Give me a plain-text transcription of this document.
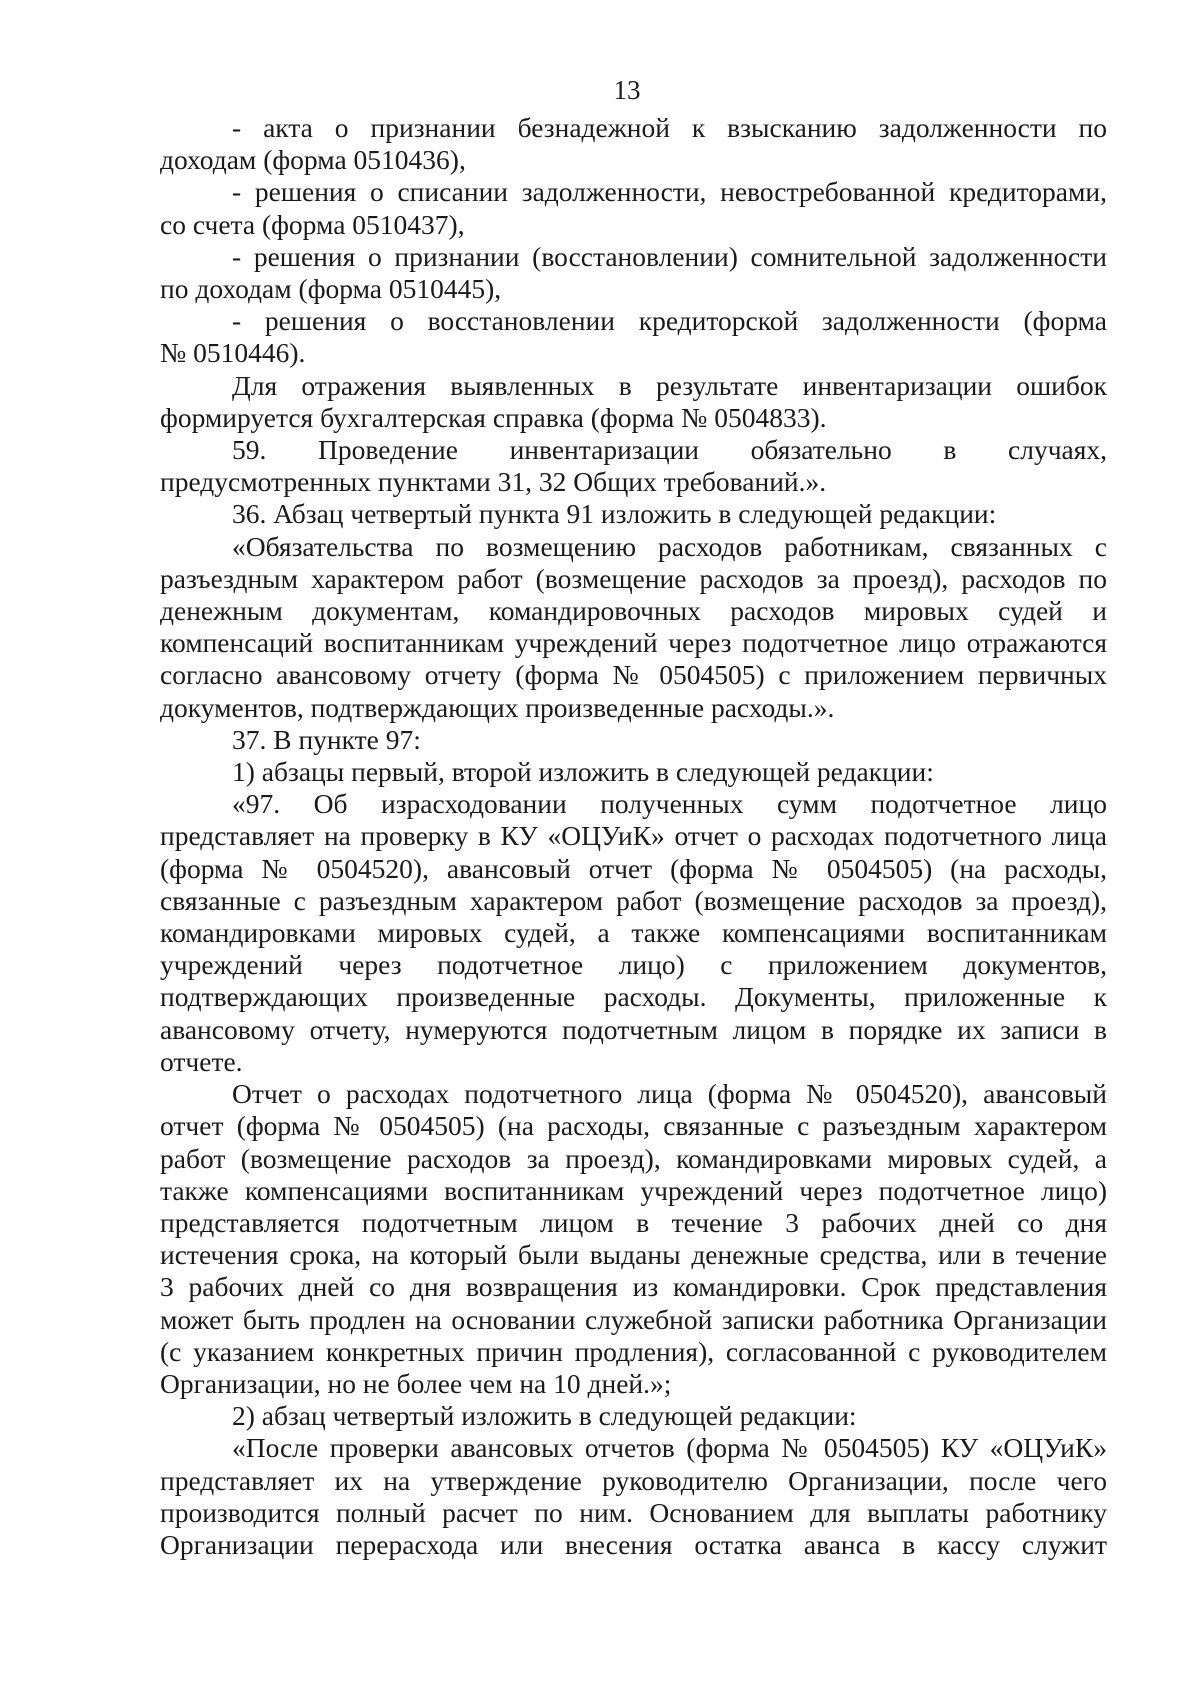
13
- акта о признании безнадежной к взысканию задолженности по
доходам (форма 0510436),
- решения о списании задолженности, невостребованной кредиторами,
со счета (форма 0510437),
- решения о признании (восстановлении) сомнительной задолженности
по доходам (форма 0510445),
- решения о восстановлении кредиторской задолженности (форма
№ 0510446).
Для отражения выявленных в результате инвентаризации ошибок
формируется бухгалтерская справка (форма № 0504833).
59. Проведение инвентаризации обязательно в случаях,
предусмотренных пунктами 31, 32 Общих требований.».
36. Абзац четвертый пункта 91 изложить в следующей редакции:
«Обязательства по возмещению расходов работникам, связанных с
разъездным характером работ (возмещение расходов за проезд), расходов по
денежным документам, командировочных расходов мировых судей и
компенсаций воспитанникам учреждений через подотчетное лицо отражаются
согласно авансовому отчету (форма № 0504505) с приложением первичных
документов, подтверждающих произведенные расходы.».
37. В пункте 97:
1) абзацы первый, второй изложить в следующей редакции:
«97. Об израсходовании полученных сумм подотчетное лицо
представляет на проверку в КУ «ОЦУиК» отчет о расходах подотчетного лица
(форма № 0504520), авансовый отчет (форма № 0504505) (на расходы,
связанные с разъездным характером работ (возмещение расходов за проезд),
командировками мировых судей, а также компенсациями воспитанникам
учреждений через подотчетное лицо) с приложением документов,
подтверждающих произведенные расходы. Документы, приложенные к
авансовому отчету, нумеруются подотчетным лицом в порядке их записи в
отчете.
Отчет о расходах подотчетного лица (форма № 0504520), авансовый
отчет (форма № 0504505) (на расходы, связанные с разъездным характером
работ (возмещение расходов за проезд), командировками мировых судей, а
также компенсациями воспитанникам учреждений через подотчетное лицо)
представляется подотчетным лицом в течение 3 рабочих дней со дня
истечения срока, на который были выданы денежные средства, или в течение
3 рабочих дней со дня возвращения из командировки. Срок представления
может быть продлен на основании служебной записки работника Организации
(с указанием конкретных причин продления), согласованной с руководителем
Организации, но не более чем на 10 дней.»;
2) абзац четвертый изложить в следующей редакции:
«После проверки авансовых отчетов (форма № 0504505) КУ «ОЦУиК»
представляет их на утверждение руководителю Организации, после чего
производится полный расчет по ним. Основанием для выплаты работнику
Организации перерасхода или внесения остатка аванса в кассу служит
